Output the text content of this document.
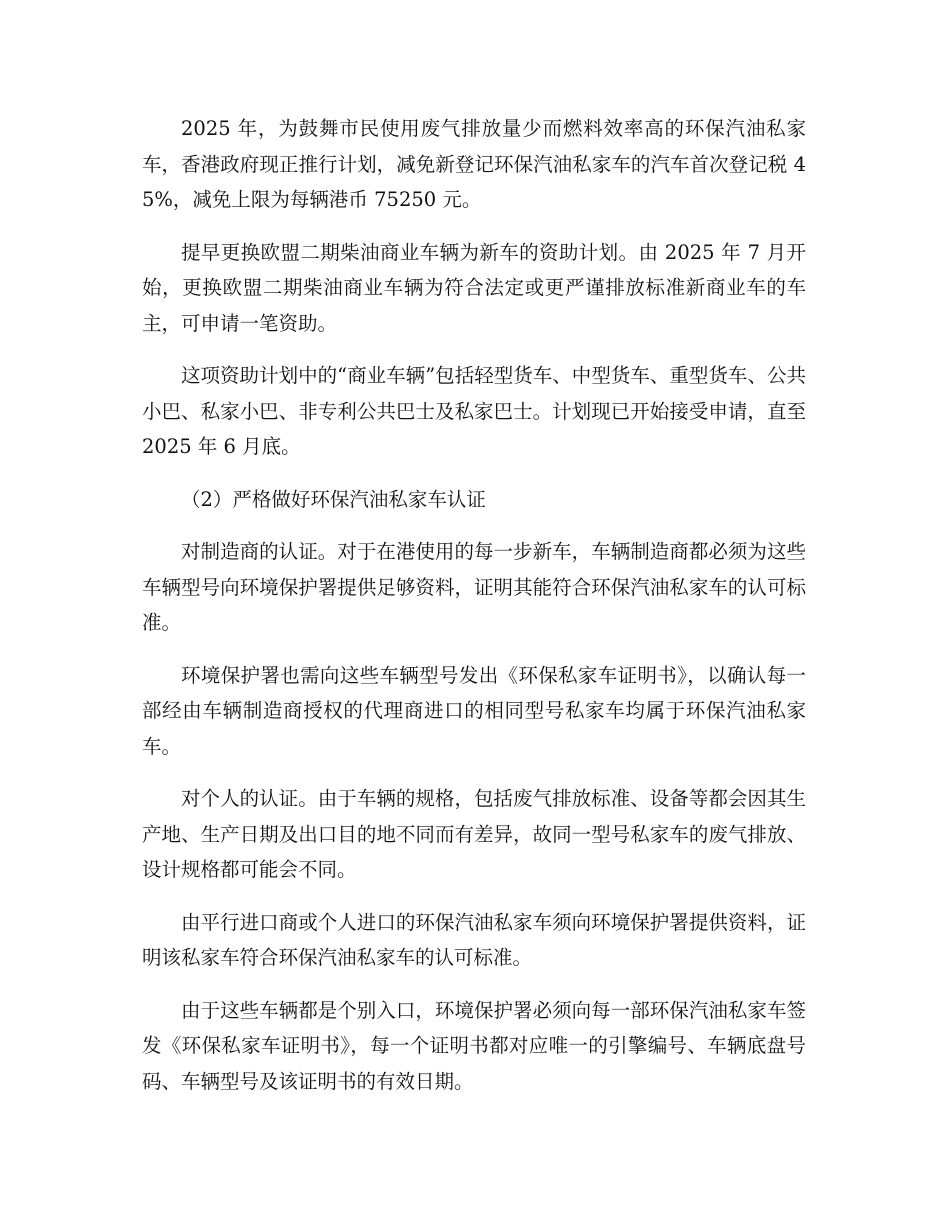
2025 年，为鼓舞市民使用废气排放量少而燃料效率高的环保汽油私家车，香港政府现正推行计划，减免新登记环保汽油私家车的汽车首次登记税 45%，减免上限为每辆港币 75250 元。

提早更换欧盟二期柴油商业车辆为新车的资助计划。由 2025 年 7 月开始，更换欧盟二期柴油商业车辆为符合法定或更严谨排放标准新商业车的车主，可申请一笔资助。

这项资助计划中的“商业车辆”包括轻型货车、中型货车、重型货车、公共小巴、私家小巴、非专利公共巴士及私家巴士。计划现已开始接受申请，直至 2025 年 6 月底。

（2）严格做好环保汽油私家车认证

对制造商的认证。对于在港使用的每一步新车，车辆制造商都必须为这些车辆型号向环境保护署提供足够资料，证明其能符合环保汽油私家车的认可标准。

环境保护署也需向这些车辆型号发出《环保私家车证明书》，以确认每一部经由车辆制造商授权的代理商进口的相同型号私家车均属于环保汽油私家车。

对个人的认证。由于车辆的规格，包括废气排放标准、设备等都会因其生产地、生产日期及出口目的地不同而有差异，故同一型号私家车的废气排放、设计规格都可能会不同。

由平行进口商或个人进口的环保汽油私家车须向环境保护署提供资料，证明该私家车符合环保汽油私家车的认可标准。

由于这些车辆都是个别入口，环境保护署必须向每一部环保汽油私家车签发《环保私家车证明书》，每一个证明书都对应唯一的引擎编号、车辆底盘号码、车辆型号及该证明书的有效日期。
